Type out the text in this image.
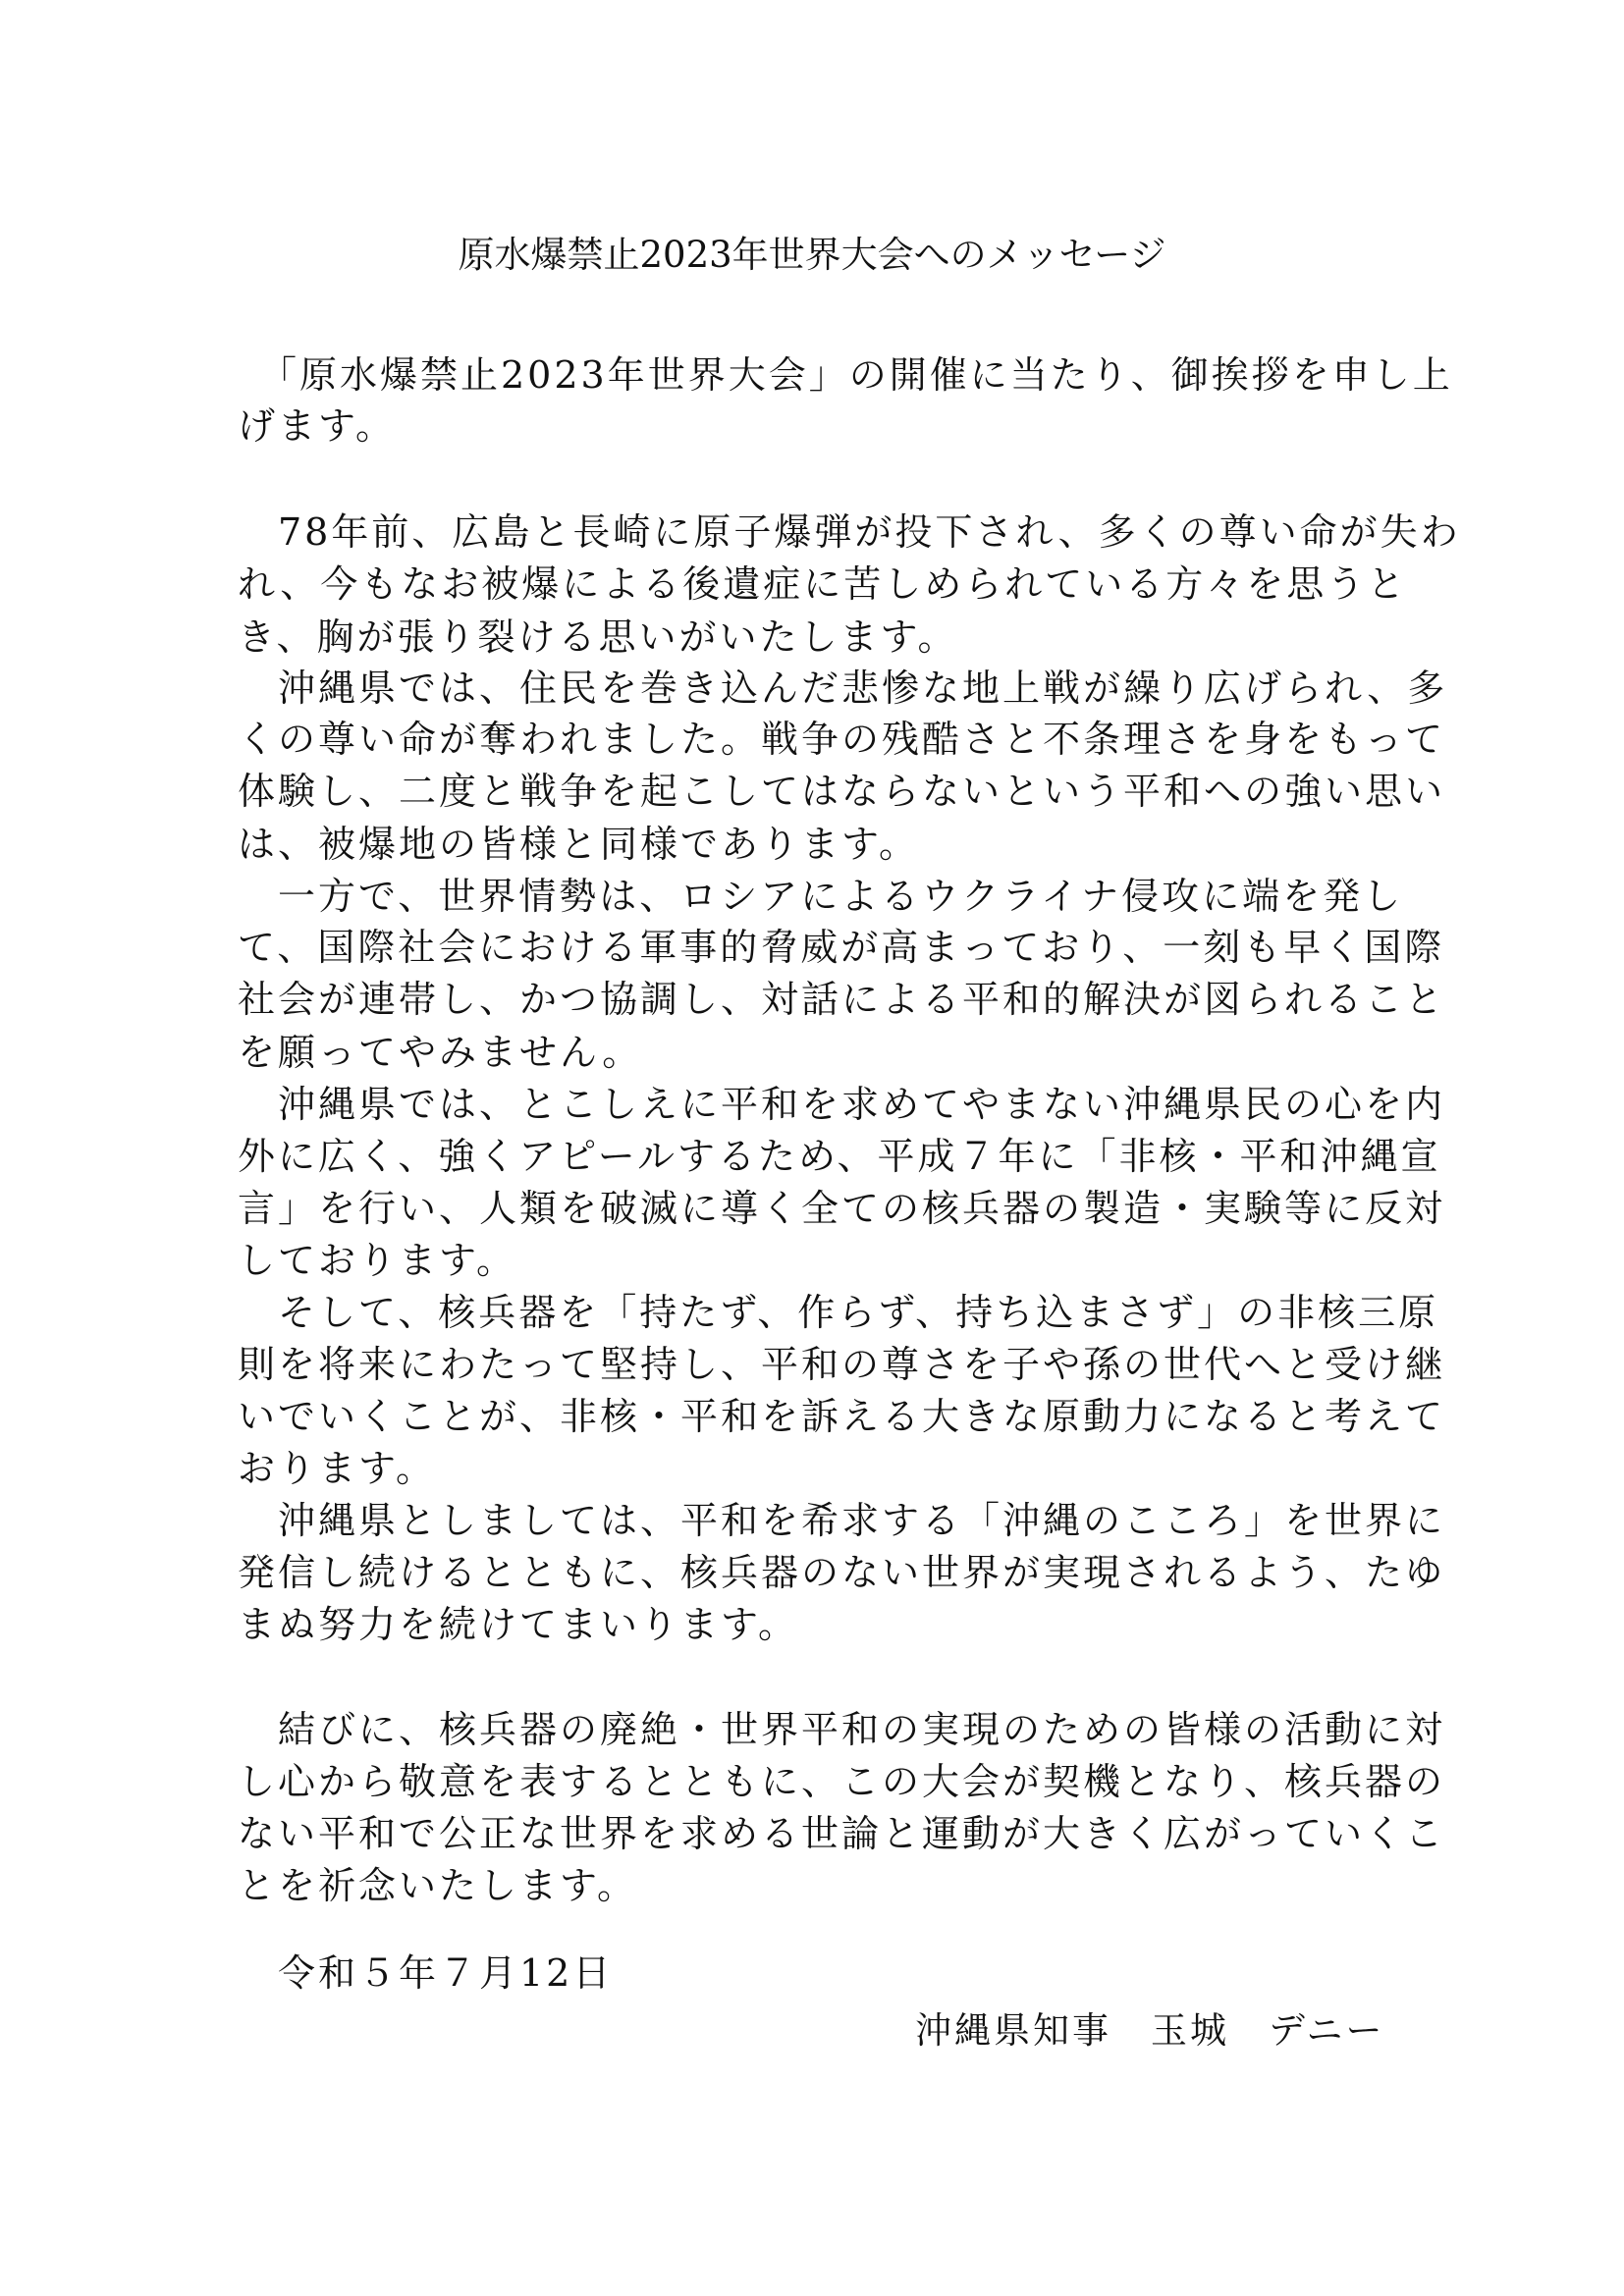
原水爆禁止2023年世界大会へのメッセージ
　「原水爆禁止2023年世界大会」の開催に当たり、御挨拶を申し上
げます。
　78年前、広島と長崎に原子爆弾が投下され、多くの尊い命が失わ
れ、今もなお被爆による後遺症に苦しめられている方々を思うと
き、胸が張り裂ける思いがいたします。
　沖縄県では、住民を巻き込んだ悲惨な地上戦が繰り広げられ、多
くの尊い命が奪われました。戦争の残酷さと不条理さを身をもって
体験し、二度と戦争を起こしてはならないという平和への強い思い
は、被爆地の皆様と同様であります。
　一方で、世界情勢は、ロシアによるウクライナ侵攻に端を発し
て、国際社会における軍事的脅威が高まっており、一刻も早く国際
社会が連帯し、かつ協調し、対話による平和的解決が図られること
を願ってやみません。
　沖縄県では、とこしえに平和を求めてやまない沖縄県民の心を内
外に広く、強くアピールするため、平成７年に「非核・平和沖縄宣
言」を行い、人類を破滅に導く全ての核兵器の製造・実験等に反対
しております。
　そして、核兵器を「持たず、作らず、持ち込まさず」の非核三原
則を将来にわたって堅持し、平和の尊さを子や孫の世代へと受け継
いでいくことが、非核・平和を訴える大きな原動力になると考えて
おります。
　沖縄県としましては、平和を希求する「沖縄のこころ」を世界に
発信し続けるとともに、核兵器のない世界が実現されるよう、たゆ
まぬ努力を続けてまいります。
　結びに、核兵器の廃絶・世界平和の実現のための皆様の活動に対
し心から敬意を表するとともに、この大会が契機となり、核兵器の
ない平和で公正な世界を求める世論と運動が大きく広がっていくこ
とを祈念いたします。
　令和５年７月12日
沖縄県知事　玉城　デニー
